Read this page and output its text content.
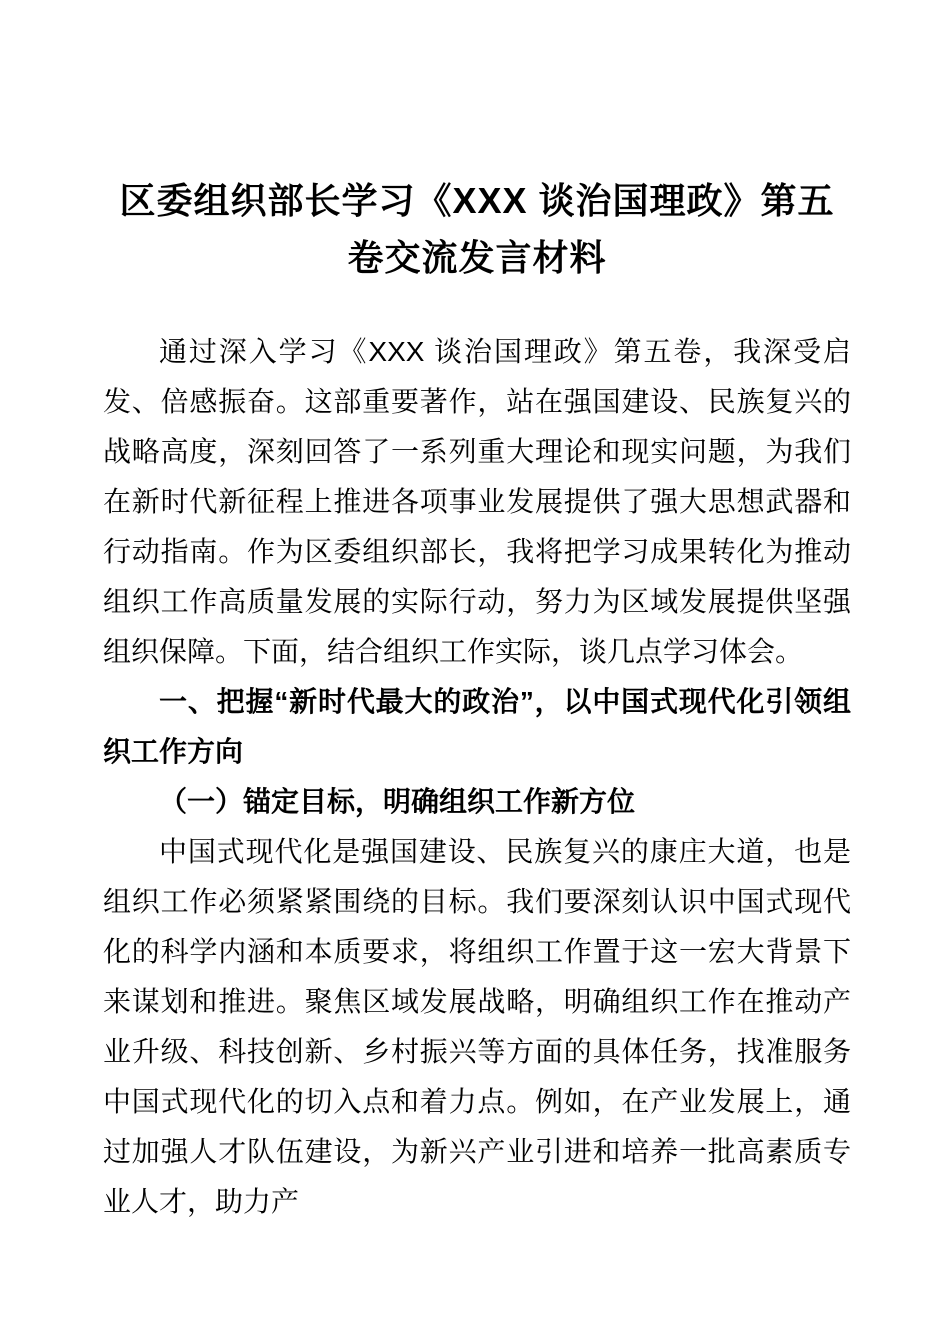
区委组织部长学习《XXX 谈治国理政》第五卷交流发言材料

通过深入学习《XXX 谈治国理政》第五卷，我深受启发、倍感振奋。这部重要著作，站在强国建设、民族复兴的战略高度，深刻回答了一系列重大理论和现实问题，为我们在新时代新征程上推进各项事业发展提供了强大思想武器和行动指南。作为区委组织部长，我将把学习成果转化为推动组织工作高质量发展的实际行动，努力为区域发展提供坚强组织保障。下面，结合组织工作实际，谈几点学习体会。

一、把握“新时代最大的政治”，以中国式现代化引领组织工作方向

（一）锚定目标，明确组织工作新方位

中国式现代化是强国建设、民族复兴的康庄大道，也是组织工作必须紧紧围绕的目标。我们要深刻认识中国式现代化的科学内涵和本质要求，将组织工作置于这一宏大背景下来谋划和推进。聚焦区域发展战略，明确组织工作在推动产业升级、科技创新、乡村振兴等方面的具体任务，找准服务中国式现代化的切入点和着力点。例如，在产业发展上，通过加强人才队伍建设，为新兴产业引进和培养一批高素质专业人才，助力产
